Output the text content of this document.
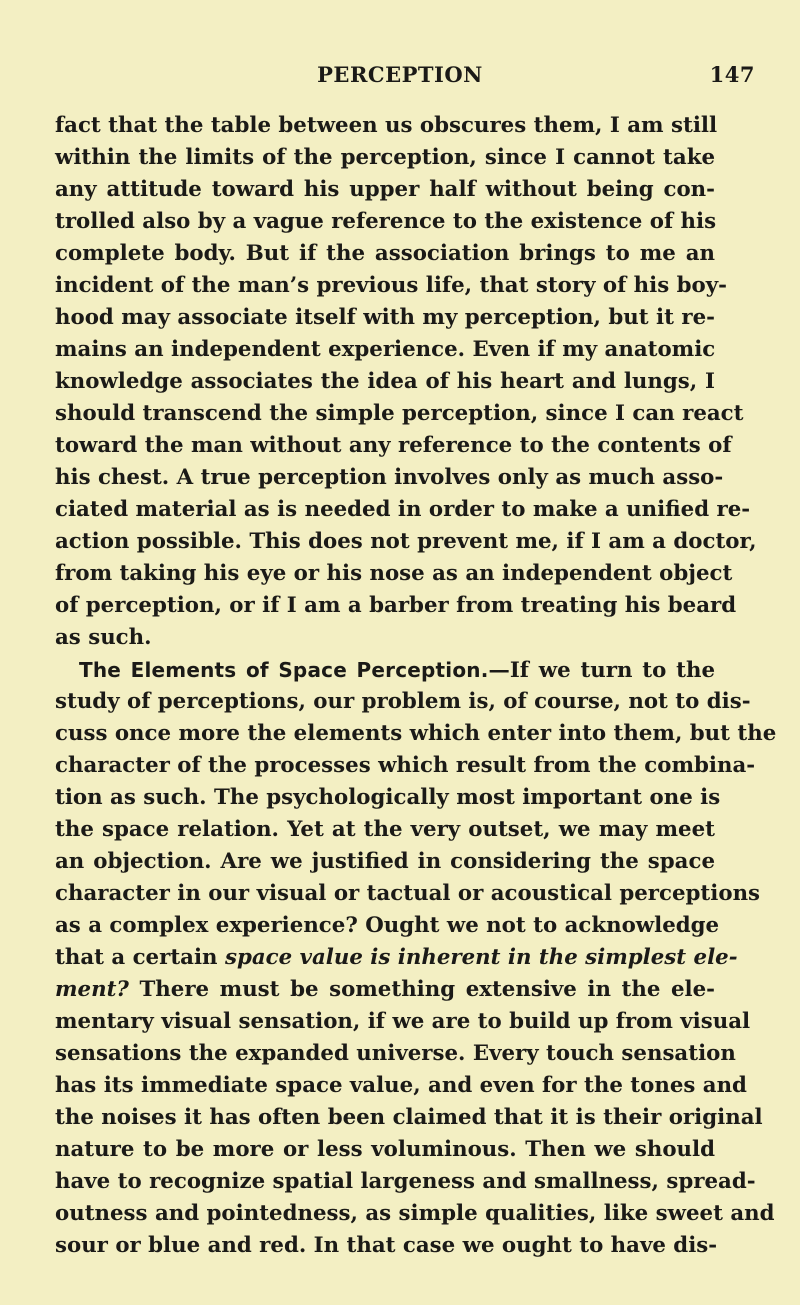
PERCEPTION	147
fact that the table between us obscures them, I am still
within the limits of the perception, since I cannot take
any attitude toward his upper half without being con-
trolled also by a vague reference to the existence of his
complete body. But if the association brings to me an
incident of the man’s previous life, that story of his boy-
hood may associate itself with my perception, but it re-
mains an independent experience. Even if my anatomic
knowledge associates the idea of his heart and lungs, I
should transcend the simple perception, since I can react
toward the man without any reference to the contents of
his chest. A true perception involves only as much asso-
ciated material as is needed in order to make a unified re-
action possible. This does not prevent me, if I am a doctor,
from taking his eye or his nose as an independent object
of perception, or if I am a barber from treating his beard
as such.
The Elements of Space Perception.—If we turn to the
study of perceptions, our problem is, of course, not to dis-
cuss once more the elements which enter into them, but the
character of the processes which result from the combina-
tion as such. The psychologically most important one is
the space relation. Yet at the very outset, we may meet
an objection. Are we justified in considering the space
character in our visual or tactual or acoustical perceptions
as a complex experience? Ought we not to acknowledge
that a certain space value is inherent in the simplest ele-
ment? There must be something extensive in the ele-
mentary visual sensation, if we are to build up from visual
sensations the expanded universe. Every touch sensation
has its immediate space value, and even for the tones and
the noises it has often been claimed that it is their original
nature to be more or less voluminous. Then we should
have to recognize spatial largeness and smallness, spread-
outness and pointedness, as simple qualities, like sweet and
sour or blue and red. In that case we ought to have dis-
